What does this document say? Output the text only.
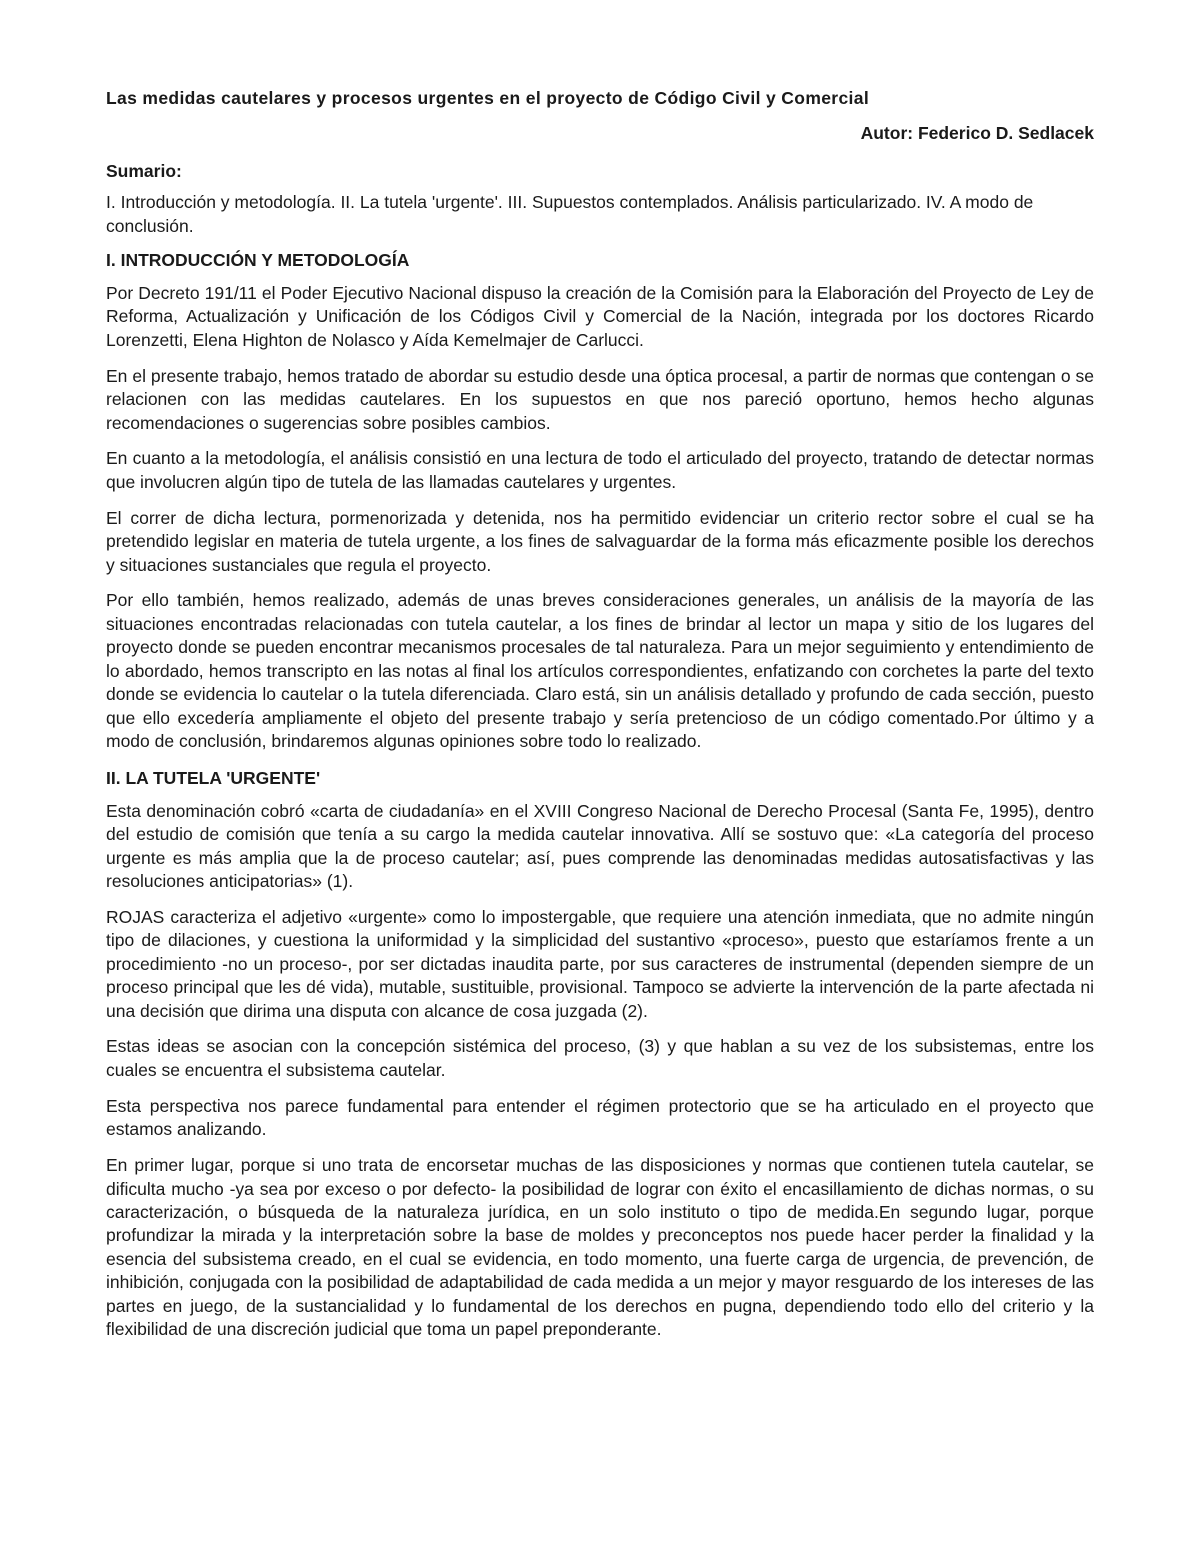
Las medidas cautelares y procesos urgentes en el proyecto de Código Civil y Comercial
Autor: Federico D. Sedlacek
Sumario:
I. Introducción y metodología. II. La tutela 'urgente'. III. Supuestos contemplados. Análisis particularizado. IV. A modo de conclusión.
I. INTRODUCCIÓN Y METODOLOGÍA

Por Decreto 191/11 el Poder Ejecutivo Nacional dispuso la creación de la Comisión para la Elaboración del Proyecto de Ley de Reforma, Actualización y Unificación de los Códigos Civil y Comercial de la Nación, integrada por los doctores Ricardo Lorenzetti, Elena Highton de Nolasco y Aída Kemelmajer de Carlucci.

En el presente trabajo, hemos tratado de abordar su estudio desde una óptica procesal, a partir de normas que contengan o se relacionen con las medidas cautelares. En los supuestos en que nos pareció oportuno, hemos hecho algunas recomendaciones o sugerencias sobre posibles cambios.

En cuanto a la metodología, el análisis consistió en una lectura de todo el articulado del proyecto, tratando de detectar normas que involucren algún tipo de tutela de las llamadas cautelares y urgentes.

El correr de dicha lectura, pormenorizada y detenida, nos ha permitido evidenciar un criterio rector sobre el cual se ha pretendido legislar en materia de tutela urgente, a los fines de salvaguardar de la forma más eficazmente posible los derechos y situaciones sustanciales que regula el proyecto.

Por ello también, hemos realizado, además de unas breves consideraciones generales, un análisis de la mayoría de las situaciones encontradas relacionadas con tutela cautelar, a los fines de brindar al lector un mapa y sitio de los lugares del proyecto donde se pueden encontrar mecanismos procesales de tal naturaleza. Para un mejor seguimiento y entendimiento de lo abordado, hemos transcripto en las notas al final los artículos correspondientes, enfatizando con corchetes la parte del texto donde se evidencia lo cautelar o la tutela diferenciada. Claro está, sin un análisis detallado y profundo de cada sección, puesto que ello excedería ampliamente el objeto del presente trabajo y sería pretencioso de un código comentado.Por último y a modo de conclusión, brindaremos algunas opiniones sobre todo lo realizado.

II. LA TUTELA 'URGENTE'

Esta denominación cobró «carta de ciudadanía» en el XVIII Congreso Nacional de Derecho Procesal (Santa Fe, 1995), dentro del estudio de comisión que tenía a su cargo la medida cautelar innovativa. Allí se sostuvo que: «La categoría del proceso urgente es más amplia que la de proceso cautelar; así, pues comprende las denominadas medidas autosatisfactivas y las resoluciones anticipatorias» (1).

ROJAS caracteriza el adjetivo «urgente» como lo impostergable, que requiere una atención inmediata, que no admite ningún tipo de dilaciones, y cuestiona la uniformidad y la simplicidad del sustantivo «proceso», puesto que estaríamos frente a un procedimiento -no un proceso-, por ser dictadas inaudita parte, por sus caracteres de instrumental (dependen siempre de un proceso principal que les dé vida), mutable, sustituible, provisional. Tampoco se advierte la intervención de la parte afectada ni una decisión que dirima una disputa con alcance de cosa juzgada (2).

Estas ideas se asocian con la concepción sistémica del proceso, (3) y que hablan a su vez de los subsistemas, entre los cuales se encuentra el subsistema cautelar.

Esta perspectiva nos parece fundamental para entender el régimen protectorio que se ha articulado en el proyecto que estamos analizando.

En primer lugar, porque si uno trata de encorsetar muchas de las disposiciones y normas que contienen tutela cautelar, se dificulta mucho -ya sea por exceso o por defecto- la posibilidad de lograr con éxito el encasillamiento de dichas normas, o su caracterización, o búsqueda de la naturaleza jurídica, en un solo instituto o tipo de medida.En segundo lugar, porque profundizar la mirada y la interpretación sobre la base de moldes y preconceptos nos puede hacer perder la finalidad y la esencia del subsistema creado, en el cual se evidencia, en todo momento, una fuerte carga de urgencia, de prevención, de inhibición, conjugada con la posibilidad de adaptabilidad de cada medida a un mejor y mayor resguardo de los intereses de las partes en juego, de la sustancialidad y lo fundamental de los derechos en pugna, dependiendo todo ello del criterio y la flexibilidad de una discreción judicial que toma un papel preponderante.
